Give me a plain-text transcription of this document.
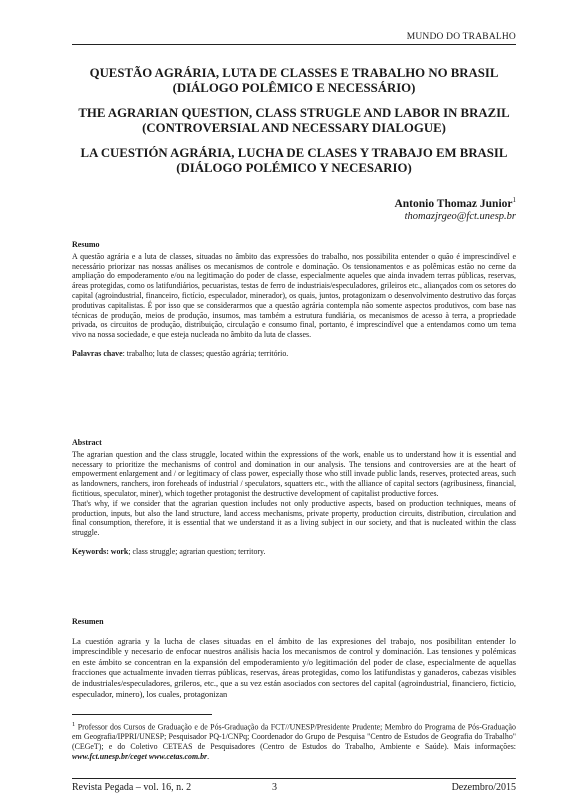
MUNDO DO TRABALHO
QUESTÃO AGRÁRIA, LUTA DE CLASSES E TRABALHO NO BRASIL (DIÁLOGO POLÊMICO E NECESSÁRIO)
THE AGRARIAN QUESTION, CLASS STRUGLE AND LABOR IN BRAZIL (CONTROVERSIAL AND NECESSARY DIALOGUE)
LA CUESTIÓN AGRÁRIA, LUCHA DE CLASES Y TRABAJO EM BRASIL (DIÁLOGO POLÉMICO Y NECESARIO)
Antonio Thomaz Junior$^1$
thomazjrgeo@fct.unesp.br
Resumo

A questão agrária e a luta de classes, situadas no âmbito das expressões do trabalho, nos possibilita entender o quão é imprescindível e necessário priorizar nas nossas análises os mecanismos de controle e dominação. Os tensionamentos e as polêmicas estão no cerne da ampliação do empoderamento e/ou na legitimação do poder de classe, especialmente aqueles que ainda invadem terras públicas, reservas, áreas protegidas, como os latifundiários, pecuaristas, testas de ferro de industriais/especuladores, grileiros etc., aliançados com os setores do capital (agroindustrial, financeiro, fictício, especulador, minerador), os quais, juntos, protagonizam o desenvolvimento destrutivo das forças produtivas capitalistas. É por isso que se considerarmos que a questão agrária contempla não somente aspectos produtivos, com base nas técnicas de produção, meios de produção, insumos, mas também a estrutura fundiária, os mecanismos de acesso à terra, a propriedade privada, os circuitos de produção, distribuição, circulação e consumo final, portanto, é imprescindível que a entendamos como um tema vivo na nossa sociedade, e que esteja nucleada no âmbito da luta de classes.

Palavras chave: trabalho; luta de classes; questão agrária; território.

Abstract

The agrarian question and the class struggle, located within the expressions of the work, enable us to understand how it is essential and necessary to prioritize the mechanisms of control and domination in our analysis. The tensions and controversies are at the heart of empowerment enlargement and / or legitimacy of class power, especially those who still invade public lands, reserves, protected areas, such as landowners, ranchers, iron foreheads of industrial / speculators, squatters etc., with the alliance of capital sectors (agribusiness, financial, fictitious, speculator, miner), which together protagonist the destructive development of capitalist productive forces.

That's why, if we consider that the agrarian question includes not only productive aspects, based on production techniques, means of production, inputs, but also the land structure, land access mechanisms, private property, production circuits, distribution, circulation and final consumption, therefore, it is essential that we understand it as a living subject in our society, and that is nucleated within the class struggle.

Keywords: work; class struggle; agrarian question; territory.

Resumen

La cuestión agraria y la lucha de clases situadas en el ámbito de las expresiones del trabajo, nos posibilitan entender lo imprescindible y necesario de enfocar nuestros análisis hacia los mecanismos de control y dominación. Las tensiones y polémicas en este ámbito se concentran en la expansión del empoderamiento y/o legitimación del poder de clase, especialmente de aquellas fracciones que actualmente invaden tierras públicas, reservas, áreas protegidas, como los latifundistas y ganaderos, cabezas visibles de industriales/especuladores, grileros, etc., que a su vez están asociados con sectores del capital (agroindustrial, financiero, ficticio, especulador, minero), los cuales, protagonizan

$^1$ Professor dos Cursos de Graduação e de Pós-Graduação da FCT//UNESP/Presidente Prudente; Membro do Programa de Pós-Graduação em Geografia/IPPRI/UNESP; Pesquisador PQ-1/CNPq; Coordenador do Grupo de Pesquisa "Centro de Estudos de Geografia do Trabalho" (CEGeT); e do Coletivo CETEAS de Pesquisadores (Centro de Estudos do Trabalho, Ambiente e Saúde). Mais informações: www.fct.unesp.br/ceget www.cetas.com.br.
Revista Pegada – vol. 16, n. 2	3	Dezembro/2015
